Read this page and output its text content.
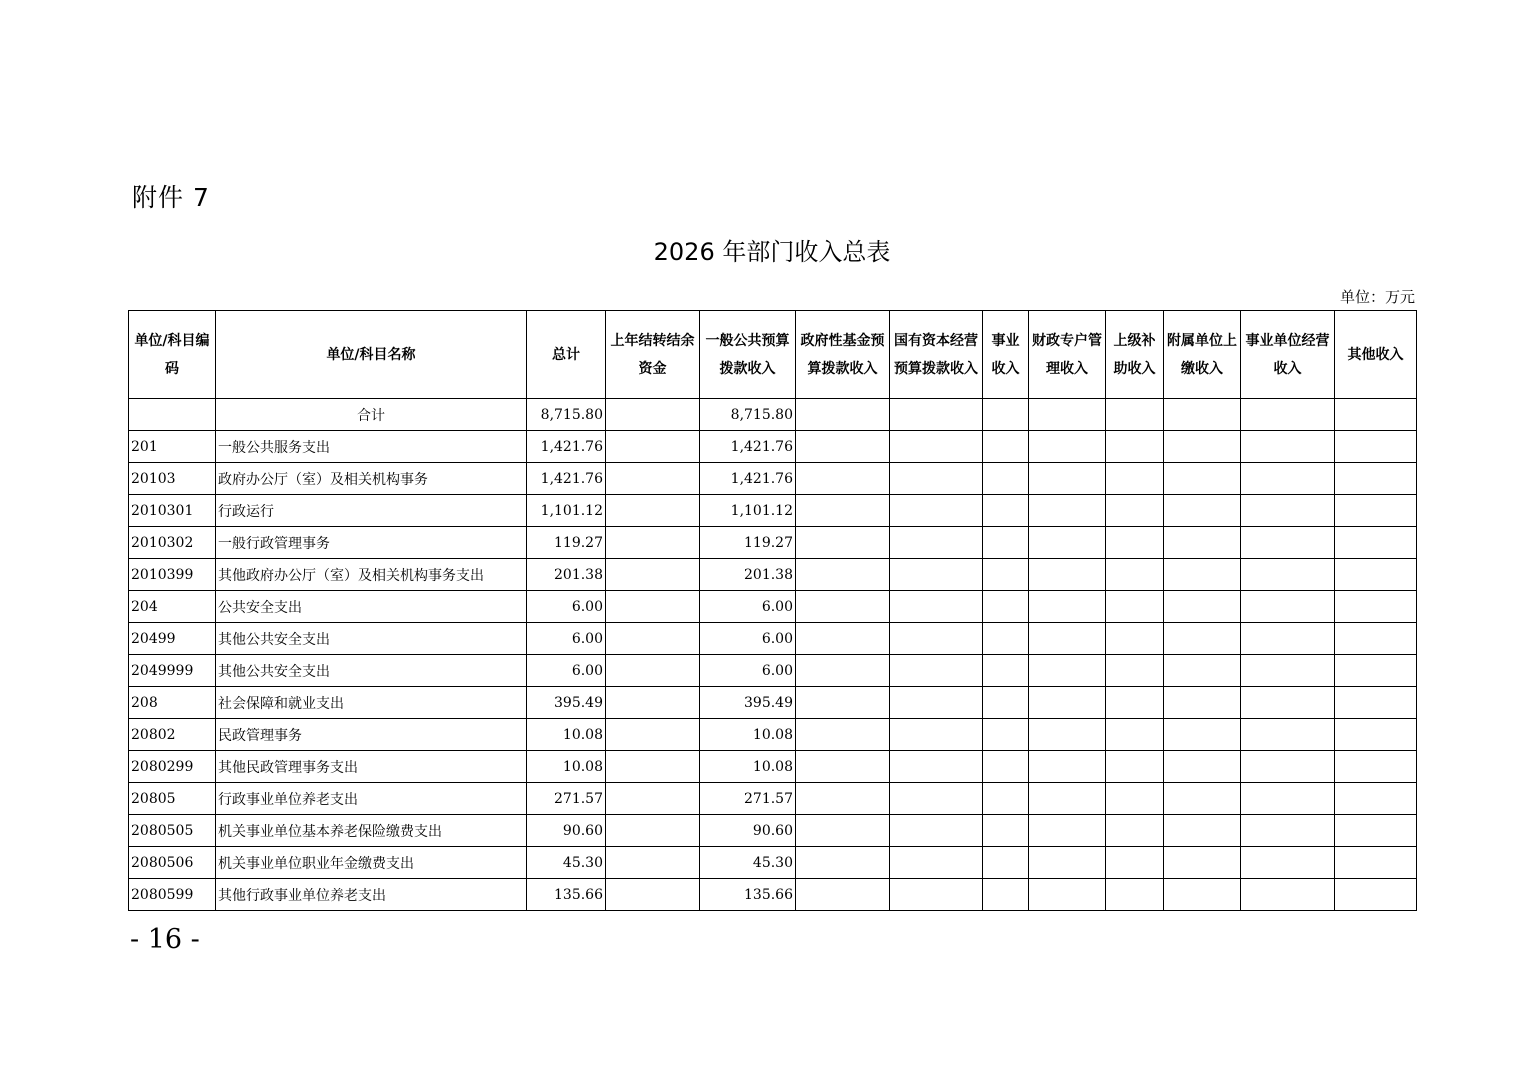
附件 7
2026 年部门收入总表
单位：万元
单位/科目编码	单位/科目名称	总计	上年结转结余资金	一般公共预算拨款收入	政府性基金预算拨款收入	国有资本经营预算拨款收入	事业收入	财政专户管理收入	上级补助收入	附属单位上缴收入	事业单位经营收入	其他收入
	合计	8,715.80		8,715.80								
201	一般公共服务支出	1,421.76		1,421.76								
20103	政府办公厅（室）及相关机构事务	1,421.76		1,421.76								
2010301	行政运行	1,101.12		1,101.12								
2010302	一般行政管理事务	119.27		119.27								
2010399	其他政府办公厅（室）及相关机构事务支出	201.38		201.38								
204	公共安全支出	6.00		6.00								
20499	其他公共安全支出	6.00		6.00								
2049999	其他公共安全支出	6.00		6.00								
208	社会保障和就业支出	395.49		395.49								
20802	民政管理事务	10.08		10.08								
2080299	其他民政管理事务支出	10.08		10.08								
20805	行政事业单位养老支出	271.57		271.57								
2080505	机关事业单位基本养老保险缴费支出	90.60		90.60								
2080506	机关事业单位职业年金缴费支出	45.30		45.30								
2080599	其他行政事业单位养老支出	135.66		135.66								
- 16 -
